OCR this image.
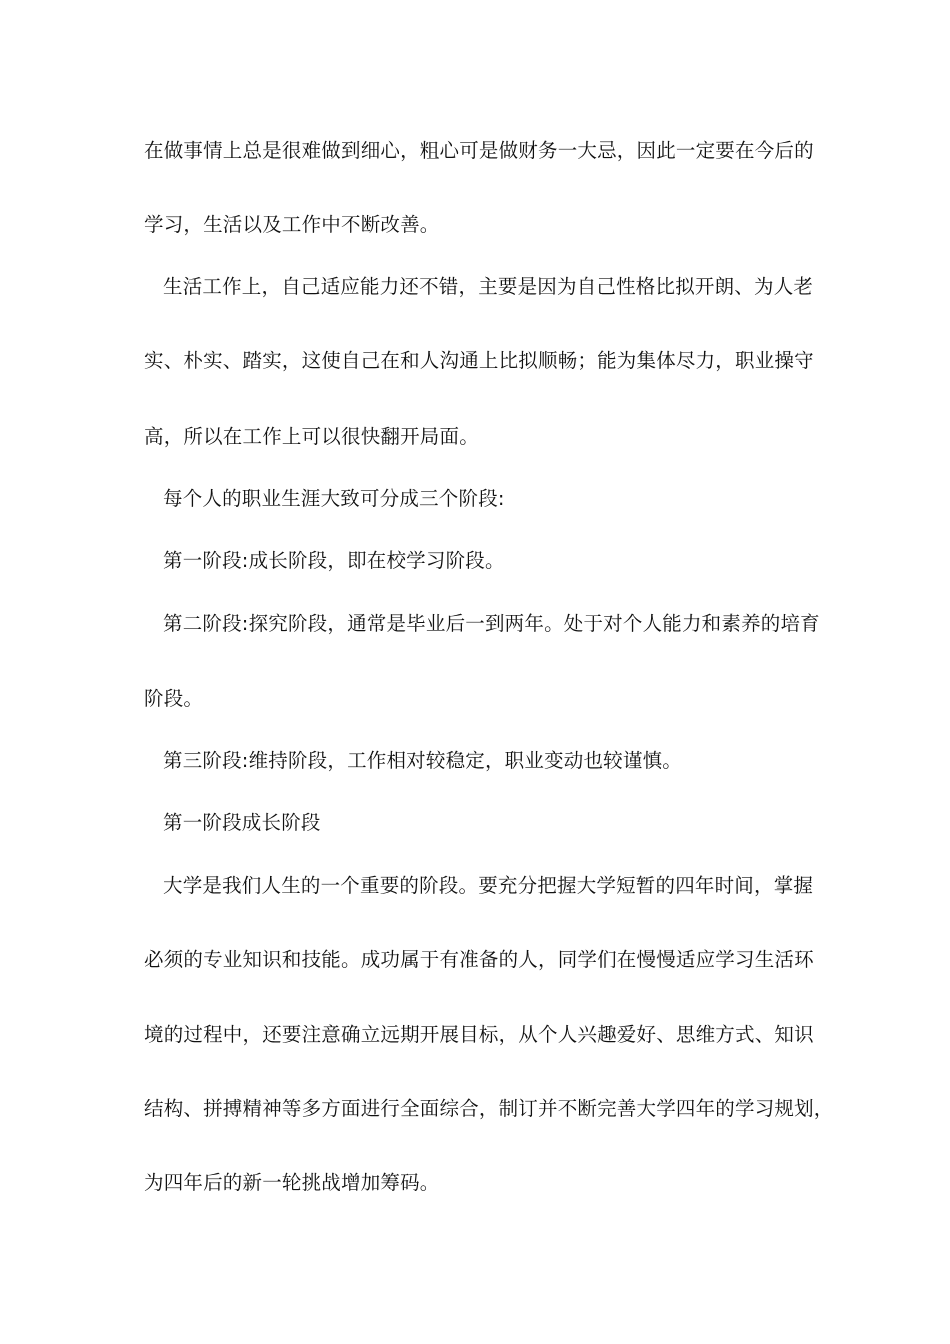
在做事情上总是很难做到细心，粗心可是做财务一大忌，因此一定要在今后的
学习，生活以及工作中不断改善。
生活工作上，自己适应能力还不错，主要是因为自己性格比拟开朗、为人老
实、朴实、踏实，这使自己在和人沟通上比拟顺畅；能为集体尽力，职业操守
高，所以在工作上可以很快翻开局面。
每个人的职业生涯大致可分成三个阶段:
第一阶段:成长阶段，即在校学习阶段。
第二阶段:探究阶段，通常是毕业后一到两年。处于对个人能力和素养的培育
阶段。
第三阶段:维持阶段，工作相对较稳定，职业变动也较谨慎。
第一阶段成长阶段
大学是我们人生的一个重要的阶段。要充分把握大学短暂的四年时间，掌握
必须的专业知识和技能。成功属于有准备的人，同学们在慢慢适应学习生活环
境的过程中，还要注意确立远期开展目标，从个人兴趣爱好、思维方式、知识
结构、拼搏精神等多方面进行全面综合，制订并不断完善大学四年的学习规划，
为四年后的新一轮挑战增加筹码。
